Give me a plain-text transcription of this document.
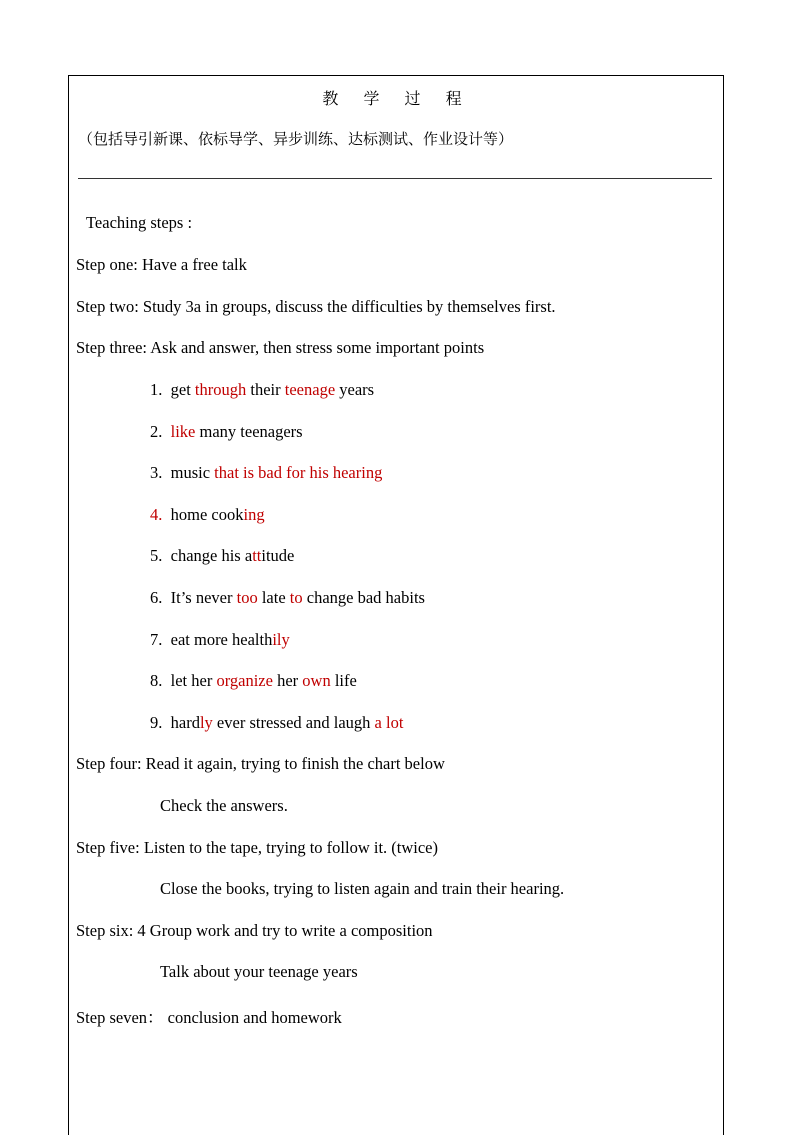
教 学 过 程
（包括导引新课、依标导学、异步训练、达标测试、作业设计等）
Teaching steps :
Step one: Have a free talk
Step two: Study 3a in groups, discuss the difficulties by themselves first.
Step three: Ask and answer, then stress some important points
1. get through their teenage years
2. like many teenagers
3. music that is bad for his hearing
4. home cooking
5. change his attitude
6. It’s never too late to change bad habits
7. eat more healthily
8. let her organize her own life
9. hardly ever stressed and laugh a lot
Step four: Read it again, trying to finish the chart below
Check the answers.
Step five: Listen to the tape, trying to follow it. (twice)
Close the books, trying to listen again and train their hearing.
Step six: 4 Group work and try to write a composition
Talk about your teenage years
Step seven： conclusion and homework
